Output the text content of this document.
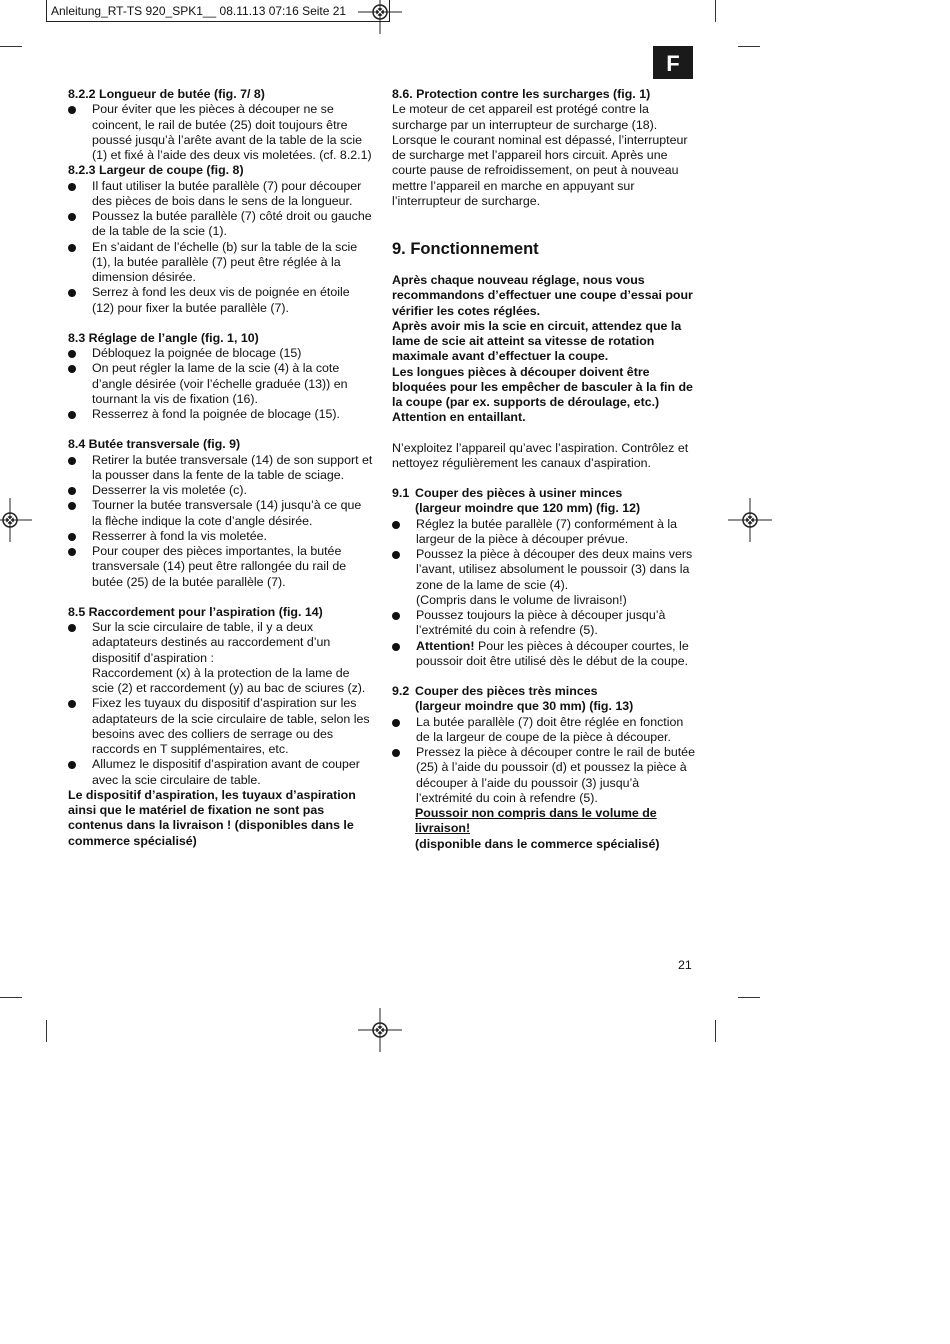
Anleitung_RT-TS 920_SPK1__ 08.11.13 07:16 Seite 21
F
8.2.2 Longueur de butée (fig. 7/ 8)
Pour éviter que les pièces à découper ne se coincent, le rail de butée (25) doit toujours être poussé jusqu’à l’arête avant de la table de la scie (1) et fixé à l’aide des deux vis moletées. (cf. 8.2.1)
8.2.3 Largeur de coupe (fig. 8)
Il faut utiliser la butée parallèle (7) pour découper des pièces de bois dans le sens de la longueur.
Poussez la butée parallèle (7) côté droit ou gauche de la table de la scie (1).
En s’aidant de l’échelle (b) sur la table de la scie (1), la butée parallèle (7) peut être réglée à la dimension désirée.
Serrez à fond les deux vis de poignée en étoile (12) pour fixer la butée parallèle (7).
8.3 Réglage de l’angle (fig. 1, 10)
Débloquez la poignée de blocage (15)
On peut régler la lame de la scie (4) à la cote d’angle désirée (voir l’échelle graduée (13)) en tournant la vis de fixation (16).
Resserrez à fond la poignée de blocage (15).
8.4 Butée transversale (fig. 9)
Retirer la butée transversale (14) de son support et la pousser dans la fente de la table de sciage.
Desserrer la vis moletée (c).
Tourner la butée transversale (14) jusqu’à ce que la flèche indique la cote d’angle désirée.
Resserrer à fond la vis moletée.
Pour couper des pièces importantes, la butée transversale (14) peut être rallongée du rail de butée (25) de la butée parallèle (7).
8.5 Raccordement pour l’aspiration (fig. 14)
Sur la scie circulaire de table, il y a deux adaptateurs destinés au raccordement d’un dispositif d’aspiration :
Raccordement (x) à la protection de la lame de scie (2) et raccordement (y) au bac de sciures (z).
Fixez les tuyaux du dispositif d’aspiration sur les adaptateurs de la scie circulaire de table, selon les besoins avec des colliers de serrage ou des raccords en T supplémentaires, etc.
Allumez le dispositif d’aspiration avant de couper avec la scie circulaire de table.
Le dispositif d’aspiration, les tuyaux d’aspiration ainsi que le matériel de fixation ne sont pas contenus dans la livraison ! (disponibles dans le commerce spécialisé)
8.6. Protection contre les surcharges (fig. 1)

Le moteur de cet appareil est protégé contre la surcharge par un interrupteur de surcharge (18). Lorsque le courant nominal est dépassé, l’interrupteur de surcharge met l’appareil hors circuit. Après une courte pause de refroidissement, on peut à nouveau mettre l’appareil en marche en appuyant sur l’interrupteur de surcharge.

9. Fonctionnement
Après chaque nouveau réglage, nous vous recommandons d’effectuer une coupe d’essai pour vérifier les cotes réglées.
Après avoir mis la scie en circuit, attendez que la lame de scie ait atteint sa vitesse de rotation maximale avant d’effectuer la coupe.
Les longues pièces à découper doivent être bloquées pour les empêcher de basculer à la fin de la coupe (par ex. supports de déroulage, etc.)
Attention en entaillant.

N’exploitez l’appareil qu’avec l’aspiration. Contrôlez et nettoyez régulièrement les canaux d’aspiration.

9.1 Couper des pièces à usiner minces
(largeur moindre que 120 mm) (fig. 12)
Réglez la butée parallèle (7) conformément à la largeur de la pièce à découper prévue.
Poussez la pièce à découper des deux mains vers l’avant, utilisez absolument le poussoir (3) dans la zone de la lame de scie (4).
(Compris dans le volume de livraison!)
Poussez toujours la pièce à découper jusqu’à l’extrémité du coin à refendre (5).
Attention! Pour les pièces à découper courtes, le poussoir doit être utilisé dès le début de la coupe.
9.2 Couper des pièces très minces
(largeur moindre que 30 mm) (fig. 13)
La butée parallèle (7) doit être réglée en fonction de la largeur de coupe de la pièce à découper.
Pressez la pièce à découper contre le rail de butée (25) à l’aide du poussoir (d) et poussez la pièce à découper à l’aide du poussoir (3) jusqu’à l’extrémité du coin à refendre (5).
Poussoir non compris dans le volume de livraison!
(disponible dans le commerce spécialisé)
21
